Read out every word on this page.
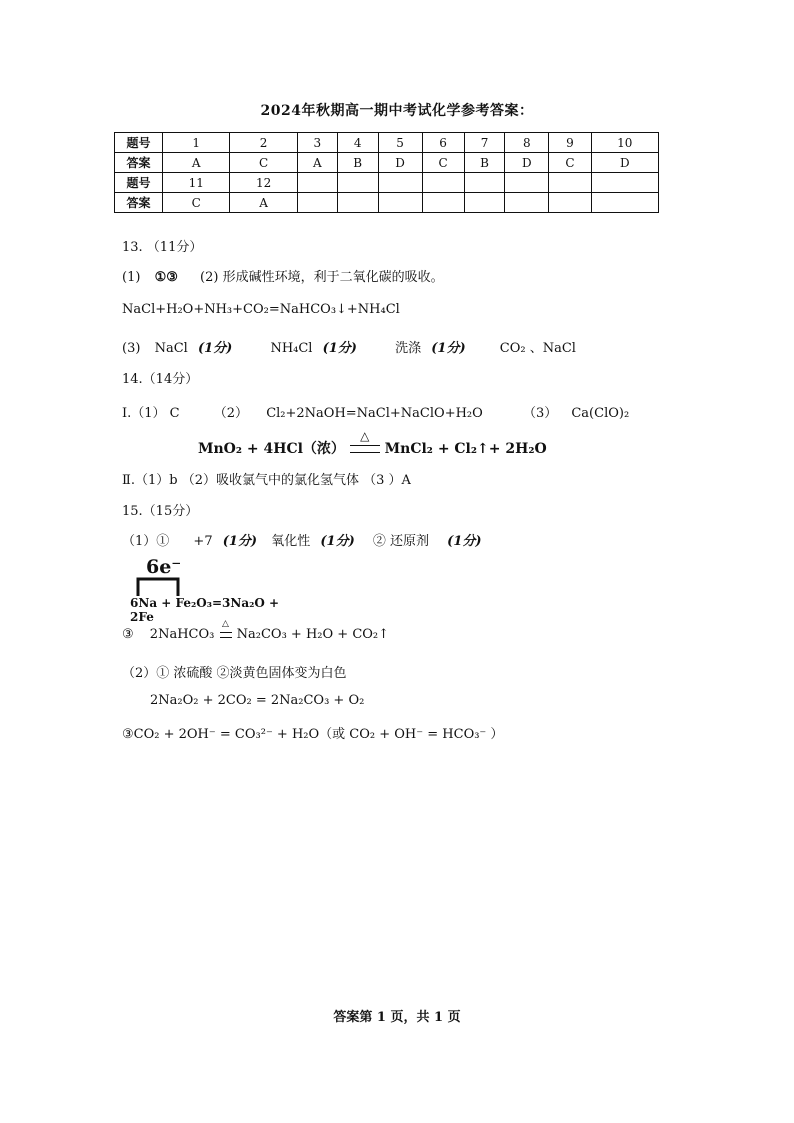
2024年秋期高一期中考试化学参考答案：
题号	1	2	3	4	5	6	7	8	9	10
答案	A	C	A	B	D	C	B	D	C	D
题号	11	12								
答案	C	A								
13. （11分）
(1) ①③ (2) 形成碱性环境，利于二氧化碳的吸收。
NaCl+H₂O+NH₃+CO₂=NaHCO₃↓+NH₄Cl
(3) NaCl (1分)	NH₄Cl (1分)	洗涤 (1分)	CO₂ 、NaCl
14.（14分）
Ⅰ.（1） C	（2） Cl₂+2NaOH=NaCl+NaClO+H₂O	（3） Ca(ClO)₂
MnO₂ + 4HCl（浓）
△
MnCl₂ + Cl₂↑+ 2H₂O
Ⅱ.（1）b （2）吸收氯气中的氯化氢气体 （3 ）A
15.（15分）
（1）① +7 (1分) 氧化性 (1分) ② 还原剂 (1分)
6e⁻
6Na + Fe₂O₃=3Na₂O + 2Fe
③ 2NaHCO₃
△
Na₂CO₃ + H₂O + CO₂↑
（2）① 浓硫酸 ②淡黄色固体变为白色
2Na₂O₂ + 2CO₂ = 2Na₂CO₃ + O₂
③CO₂ + 2OH⁻ = CO₃²⁻ + H₂O（或 CO₂ + OH⁻ = HCO₃⁻ ）
答案第 1 页，共 1 页
